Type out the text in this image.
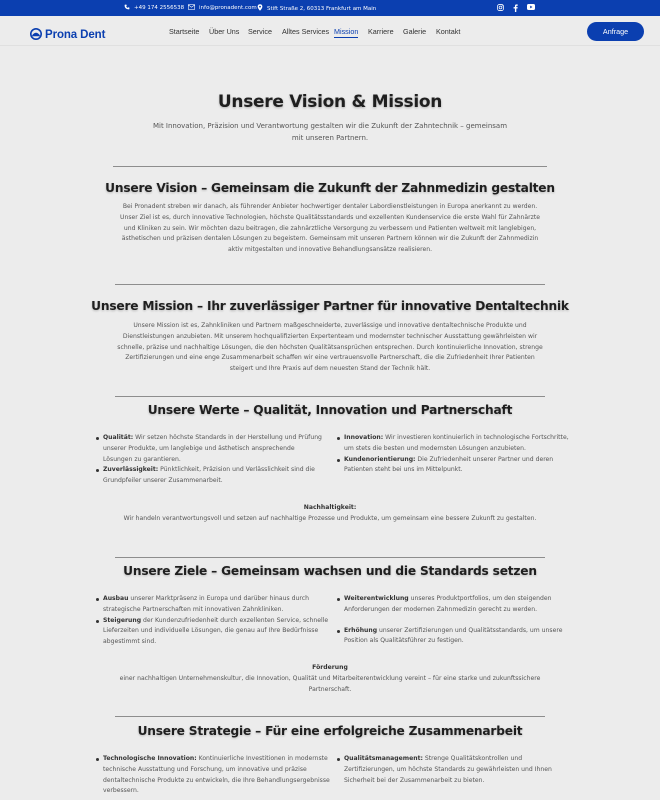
+49 174 2556538	info@pronadent.com Stift Straße 2, 60313 Frankfurt am Main
Prona Dent	Startseite Über Uns Service Alltes Services Mission Karriere Galerie Kontakt	Anfrage
Unsere Vision & Mission
Mit Innovation, Präzision und Verantwortung gestalten wir die Zukunft der Zahntechnik – gemeinsam mit unseren Partnern.
Unsere Vision – Gemeinsam die Zukunft der Zahnmedizin gestalten
Bei Pronadent streben wir danach, als führender Anbieter hochwertiger dentaler Labordienstleistungen in Europa anerkannt zu werden. Unser Ziel ist es, durch innovative Technologien, höchste Qualitätsstandards und exzellenten Kundenservice die erste Wahl für Zahnärzte und Kliniken zu sein. Wir möchten dazu beitragen, die zahnärztliche Versorgung zu verbessern und Patienten weltweit mit langlebigen, ästhetischen und präzisen dentalen Lösungen zu begeistern. Gemeinsam mit unseren Partnern können wir die Zukunft der Zahnmedizin aktiv mitgestalten und innovative Behandlungsansätze realisieren.
Unsere Mission – Ihr zuverlässiger Partner für innovative Dentaltechnik
Unsere Mission ist es, Zahnkliniken und Partnern maßgeschneiderte, zuverlässige und innovative dentaltechnische Produkte und Dienstleistungen anzubieten. Mit unserem hochqualifizierten Expertenteam und modernster technischer Ausstattung gewährleisten wir schnelle, präzise und nachhaltige Lösungen, die den höchsten Qualitätsansprüchen entsprechen. Durch kontinuierliche Innovation, strenge Zertifizierungen und eine enge Zusammenarbeit schaffen wir eine vertrauensvolle Partnerschaft, die die Zufriedenheit Ihrer Patienten steigert und Ihre Praxis auf dem neuesten Stand der Technik hält.
Unsere Werte – Qualität, Innovation und Partnerschaft
Qualität: Wir setzen höchste Standards in der Herstellung und Prüfung unserer Produkte, um langlebige und ästhetisch ansprechende Lösungen zu garantieren.
Zuverlässigkeit: Pünktlichkeit, Präzision und Verlässlichkeit sind die Grundpfeiler unserer Zusammenarbeit.
Innovation: Wir investieren kontinuierlich in technologische Fortschritte, um stets die besten und modernsten Lösungen anzubieten.
Kundenorientierung: Die Zufriedenheit unserer Partner und deren Patienten steht bei uns im Mittelpunkt.
Nachhaltigkeit:
Wir handeln verantwortungsvoll und setzen auf nachhaltige Prozesse und Produkte, um gemeinsam eine bessere Zukunft zu gestalten.
Unsere Ziele – Gemeinsam wachsen und die Standards setzen
Ausbau unserer Marktpräsenz in Europa und darüber hinaus durch strategische Partnerschaften mit innovativen Zahnkliniken.
Steigerung der Kundenzufriedenheit durch exzellenten Service, schnelle Lieferzeiten und individuelle Lösungen, die genau auf Ihre Bedürfnisse abgestimmt sind.
Weiterentwicklung unseres Produktportfolios, um den steigenden Anforderungen der modernen Zahnmedizin gerecht zu werden.
Erhöhung unserer Zertifizierungen und Qualitätsstandards, um unsere Position als Qualitätsführer zu festigen.
Förderung
einer nachhaltigen Unternehmenskultur, die Innovation, Qualität und Mitarbeiterentwicklung vereint – für eine starke und zukunftssichere Partnerschaft.
Unsere Strategie – Für eine erfolgreiche Zusammenarbeit
Technologische Innovation: Kontinuierliche Investitionen in modernste technische Ausstattung und Forschung, um innovative und präzise dentaltechnische Produkte zu entwickeln, die Ihre Behandlungsergebnisse verbessern.
Qualitätsmanagement: Strenge Qualitätskontrollen und Zertifizierungen, um höchste Standards zu gewährleisten und Ihnen Sicherheit bei der Zusammenarbeit zu bieten.
